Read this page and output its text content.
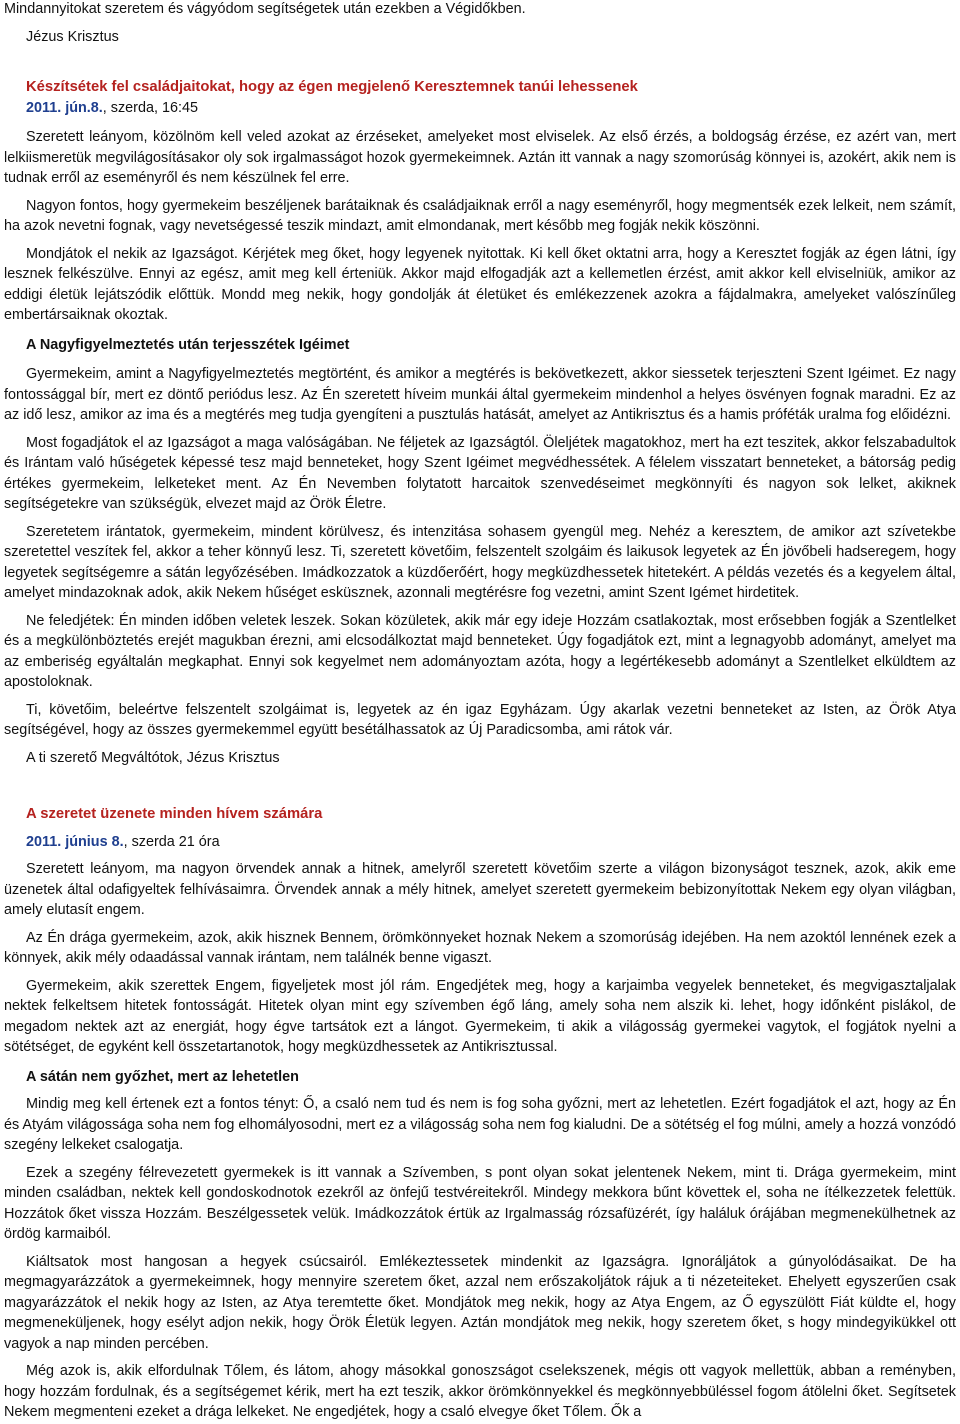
Mindannyitokat szeretem és vágyódom segítségetek után ezekben a Végidőkben.

Jézus Krisztus

Készítsétek fel családjaitokat, hogy az égen megjelenő Keresztemnek tanúi lehessenek

2011. jún.8., szerda, 16:45

Szeretett leányom, közölnöm kell veled azokat az érzéseket, amelyeket most elviselek. Az első érzés, a boldogság érzése, ez azért van, mert lelkiismeretük megvilágosításakor oly sok irgalmasságot hozok gyermekeimnek. Aztán itt vannak a nagy szomorúság könnyei is, azokért, akik nem is tudnak erről az eseményről és nem készülnek fel erre.

Nagyon fontos, hogy gyermekeim beszéljenek barátaiknak és családjaiknak erről a nagy eseményről, hogy megmentsék ezek lelkeit, nem számít, ha azok nevetni fognak, vagy nevetségessé teszik mindazt, amit elmondanak, mert később meg fogják nekik köszönni.

Mondjátok el nekik az Igazságot. Kérjétek meg őket, hogy legyenek nyitottak. Ki kell őket oktatni arra, hogy a Keresztet fogják az égen látni, így lesznek felkészülve. Ennyi az egész, amit meg kell érteniük. Akkor majd elfogadják azt a kellemetlen érzést, amit akkor kell elviselniük, amikor az eddigi életük lejátszódik előttük. Mondd meg nekik, hogy gondolják át életüket és emlékezzenek azokra a fájdalmakra, amelyeket valószínűleg embertársaiknak okoztak.

A Nagyfigyelmeztetés után terjesszétek Igéimet

Gyermekeim, amint a Nagyfigyelmeztetés megtörtént, és amikor a megtérés is bekövetkezett, akkor siessetek terjeszteni Szent Igéimet. Ez nagy fontossággal bír, mert ez döntő periódus lesz. Az Én szeretett híveim munkái által gyermekeim mindenhol a helyes ösvényen fognak maradni. Ez az az idő lesz, amikor az ima és a megtérés meg tudja gyengíteni a pusztulás hatását, amelyet az Antikrisztus és a hamis próféták uralma fog előidézni.

Most fogadjátok el az Igazságot a maga valóságában. Ne féljetek az Igazságtól. Öleljétek magatokhoz, mert ha ezt teszitek, akkor felszabadultok és Irántam való hűségetek képessé tesz majd benneteket, hogy Szent Igéimet megvédhessétek. A félelem visszatart benneteket, a bátorság pedig értékes gyermekeim, lelketeket ment. Az Én Nevemben folytatott harcaitok szenvedéseimet megkönnyíti és nagyon sok lelket, akiknek segítségetekre van szükségük, elvezet majd az Örök Életre.

Szeretetem irántatok, gyermekeim, mindent körülvesz, és intenzitása sohasem gyengül meg. Nehéz a keresztem, de amikor azt szívetekbe szeretettel veszítek fel, akkor a teher könnyű lesz. Ti, szeretett követőim, felszentelt szolgáim és laikusok legyetek az Én jövőbeli hadseregem, hogy legyetek segítségemre a sátán legyőzésében. Imádkozzatok a küzdőerőért, hogy megküzdhessetek hitetekért. A példás vezetés és a kegyelem által, amelyet mindazoknak adok, akik Nekem hűséget esküsznek, azonnali megtérésre fog vezetni, amint Szent Igémet hirdetitek.

Ne feledjétek: Én minden időben veletek leszek. Sokan közületek, akik már egy ideje Hozzám csatlakoztak, most erősebben fogják a Szentlelket és a megkülönböztetés erejét magukban érezni, ami elcsodálkoztat majd benneteket. Úgy fogadjátok ezt, mint a legnagyobb adományt, amelyet ma az emberiség egyáltalán megkaphat. Ennyi sok kegyelmet nem adományoztam azóta, hogy a legértékesebb adományt a Szentlelket elküldtem az apostoloknak.

Ti, követőim, beleértve felszentelt szolgáimat is, legyetek az én igaz Egyházam. Úgy akarlak vezetni benneteket az Isten, az Örök Atya segítségével, hogy az összes gyermekemmel együtt besétálhassatok az Új Paradicsomba, ami rátok vár.

A ti szerető Megváltótok, Jézus Krisztus

A szeretet üzenete minden hívem számára

2011. június 8., szerda 21 óra

Szeretett leányom, ma nagyon örvendek annak a hitnek, amelyről szeretett követőim szerte a világon bizonyságot tesznek, azok, akik eme üzenetek által odafigyeltek felhívásaimra. Örvendek annak a mély hitnek, amelyet szeretett gyermekeim bebizonyítottak Nekem egy olyan világban, amely elutasít engem.

Az Én drága gyermekeim, azok, akik hisznek Bennem, örömkönnyeket hoznak Nekem a szomorúság idejében. Ha nem azoktól lennének ezek a könnyek, akik mély odaadással vannak irántam, nem találnék benne vigaszt.

Gyermekeim, akik szerettek Engem, figyeljetek most jól rám. Engedjétek meg, hogy a karjaimba vegyelek benneteket, és megvigasztaljalak nektek felkeltsem hitetek fontosságát. Hitetek olyan mint egy szívemben égő láng, amely soha nem alszik ki. lehet, hogy időnként pislákol, de megadom nektek azt az energiát, hogy égve tartsátok ezt a lángot. Gyermekeim, ti akik a világosság gyermekei vagytok, el fogjátok nyelni a sötétséget, de egyként kell összetartanotok, hogy megküzdhessetek az Antikrisztussal.

A sátán nem győzhet, mert az lehetetlen

Mindig meg kell értenek ezt a fontos tényt: Ő, a csaló nem tud és nem is fog soha győzni, mert az lehetetlen. Ezért fogadjátok el azt, hogy az Én és Atyám világossága soha nem fog elhomályosodni, mert ez a világosság soha nem fog kialudni. De a sötétség el fog múlni, amely a hozzá vonzódó szegény lelkeket csalogatja.

Ezek a szegény félrevezetett gyermekek is itt vannak a Szívemben, s pont olyan sokat jelentenek Nekem, mint ti. Drága gyermekeim, mint minden családban, nektek kell gondoskodnotok ezekről az önfejű testvéreitekről. Mindegy mekkora bűnt követtek el, soha ne ítélkezzetek felettük. Hozzátok őket vissza Hozzám. Beszélgessetek velük. Imádkozzátok értük az Irgalmasság rózsafüzérét, így haláluk órájában megmenekülhetnek az ördög karmaiból.

Kiáltsatok most hangosan a hegyek csúcsairól. Emlékeztessetek mindenkit az Igazságra. Ignoráljátok a gúnyolódásaikat. De ha megmagyarázzátok a gyermekeimnek, hogy mennyire szeretem őket, azzal nem erőszakoljátok rájuk a ti nézeteiteket. Ehelyett egyszerűen csak magyarázzátok el nekik hogy az Isten, az Atya teremtette őket. Mondjátok meg nekik, hogy az Atya Engem, az Ő egyszülött Fiát küldte el, hogy megmeneküljenek, hogy esélyt adjon nekik, hogy Örök Életük legyen. Aztán mondjátok meg nekik, hogy szeretem őket, s hogy mindegyikükkel ott vagyok a nap minden percében.

Még azok is, akik elfordulnak Tőlem, és látom, ahogy másokkal gonoszságot cselekszenek, mégis ott vagyok mellettük, abban a reményben, hogy hozzám fordulnak, és a segítségemet kérik, mert ha ezt teszik, akkor örömkönnyekkel és megkönnyebbüléssel fogom átölelni őket. Segítsetek Nekem megmenteni ezeket a drága lelkeket. Ne engedjétek, hogy a csaló elvegye őket Tőlem. Ők a
